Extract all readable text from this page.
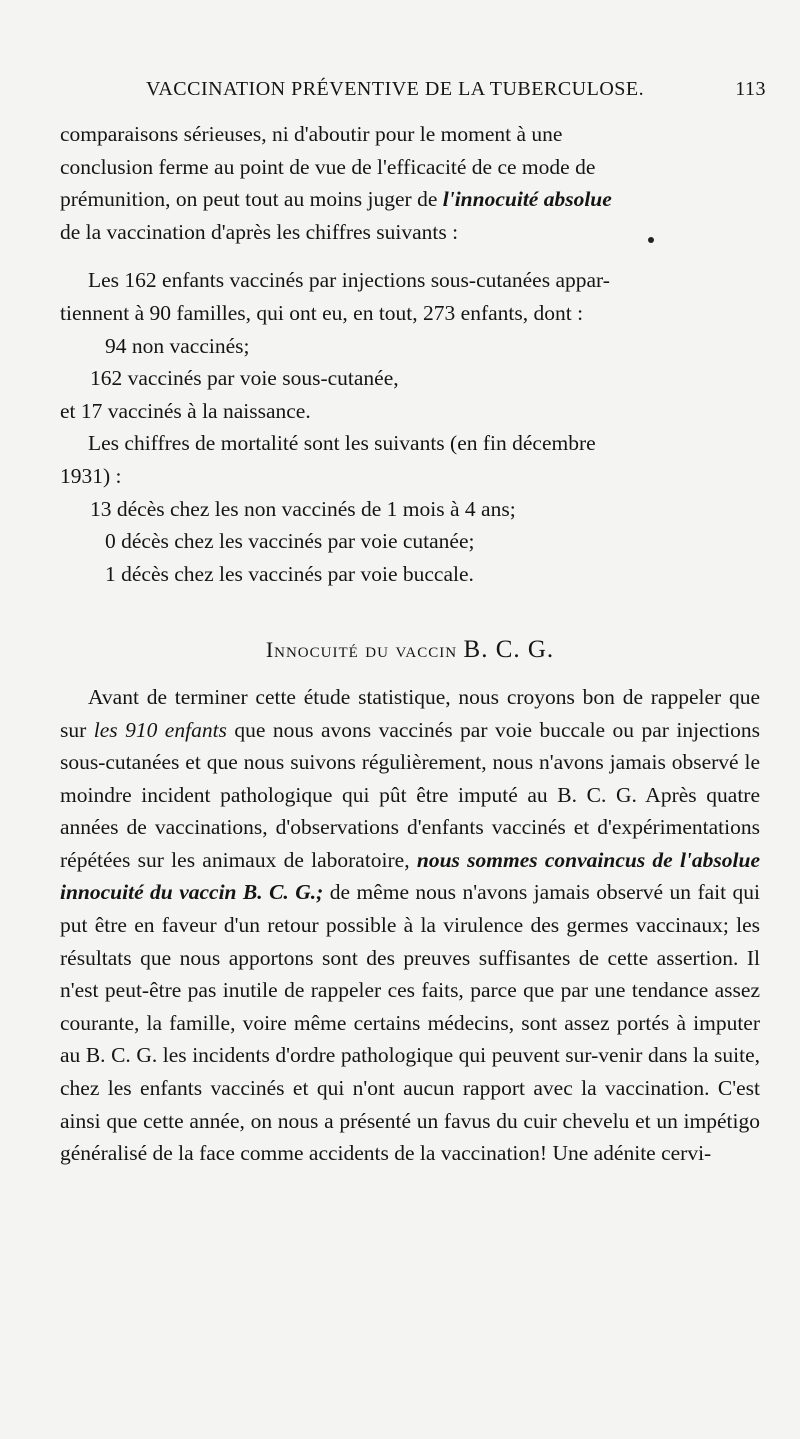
VACCINATION PRÉVENTIVE DE LA TUBERCULOSE.	113

comparaisons sérieuses, ni d'aboutir pour le moment à une
conclusion ferme au point de vue de l'efficacité de ce mode de
prémunition, on peut tout au moins juger de l'innocuité absolue
de la vaccination d'après les chiffres suivants :

Les 162 enfants vaccinés par injections sous-cutanées appar-
tiennent à 90 familles, qui ont eu, en tout, 273 enfants, dont :

94 non vaccinés;
162 vaccinés par voie sous-cutanée,
et 17 vaccinés à la naissance.

Les chiffres de mortalité sont les suivants (en fin décembre
1931) :

13 décès chez les non vaccinés de 1 mois à 4 ans;
0 décès chez les vaccinés par voie cutanée;
1 décès chez les vaccinés par voie buccale.
Innocuité du vaccin B. C. G.

Avant de terminer cette étude statistique, nous croyons bon de rappeler que sur les 910 enfants que nous avons vaccinés par voie buccale ou par injections sous-cutanées et que nous suivons régulièrement, nous n'avons jamais observé le moindre incident pathologique qui pût être imputé au B. C. G. Après quatre années de vaccinations, d'observations d'enfants vaccinés et d'expérimentations répétées sur les animaux de laboratoire, nous sommes convaincus de l'absolue innocuité du vaccin B. C. G.; de même nous n'avons jamais observé un fait qui put être en faveur d'un retour possible à la virulence des germes vaccinaux; les résultats que nous apportons sont des preuves suffisantes de cette assertion. Il n'est peut-être pas inutile de rappeler ces faits, parce que par une tendance assez courante, la famille, voire même certains médecins, sont assez portés à imputer au B. C. G. les incidents d'ordre pathologique qui peuvent sur-venir dans la suite, chez les enfants vaccinés et qui n'ont aucun rapport avec la vaccination. C'est ainsi que cette année, on nous a présenté un favus du cuir chevelu et un impétigo généralisé de la face comme accidents de la vaccination! Une adénite cervi-
